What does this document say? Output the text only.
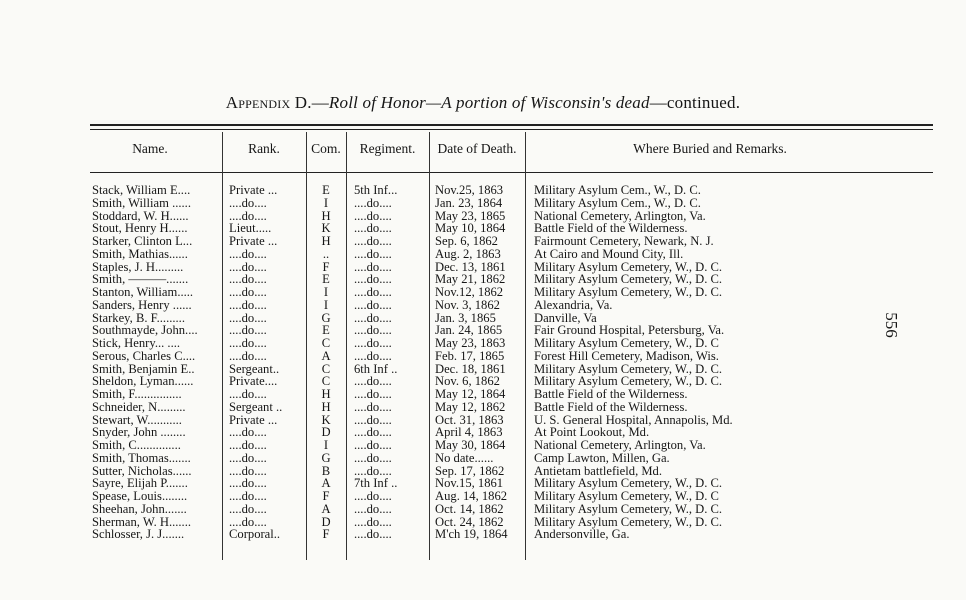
Appendix D.—Roll of Honor—A portion of Wisconsin's dead—continued.
Name.	Rank.	Com.	Regiment.	Date of Death.	Where Buried and Remarks.
Stack, William E....	Private ...	E	5th Inf...	Nov.25, 1863 Military Asylum Cem., W., D. C.
Smith, William ......	....do....	I	....do....	Jan. 23, 1864	Military Asylum Cem., W., D. C.
Stoddard, W. H......	....do....	H	....do....	May 23, 1865 National Cemetery, Arlington, Va.
Stout, Henry H......	Lieut.....	K	....do....	May 10, 1864 Battle Field of the Wilderness.
Starker, Clinton L...	Private ...	H	....do....	Sep. 6, 1862	Fairmount Cemetery, Newark, N. J.
Smith, Mathias......	....do....	..	....do....	Aug. 2, 1863	At Cairo and Mound City, Ill.
Staples, J. H.........	....do....	F	....do....	Dec. 13, 1861 Military Asylum Cemetery, W., D. C.
Smith, ———.......	....do....	E	....do....	May 21, 1862 Military Asylum Cemetery, W., D. C.
Stanton, William.....	....do....	I	....do....	Nov.12, 1862 Military Asylum Cemetery, W., D. C.
Sanders, Henry ......	....do....	I	....do....	Nov. 3, 1862	Alexandria, Va.
Starkey, B. F.........	....do....	G	....do....	Jan. 3, 1865	Danville, Va
Southmayde, John.... ....do....	E	....do....	Jan. 24, 1865	Fair Ground Hospital, Petersburg, Va.
Stick, Henry... ....	....do....	C	....do....	May 23, 1863 Military Asylum Cemetery, W., D. C
Serous, Charles C....	....do....	A	....do....	Feb. 17, 1865 Forest Hill Cemetery, Madison, Wis.
Smith, Benjamin E..	Sergeant..	C	6th Inf ..	Dec. 18, 1861 Military Asylum Cemetery, W., D. C.
Sheldon, Lyman......	Private....	C	....do....	Nov. 6, 1862	Military Asylum Cemetery, W., D. C.
Smith, F...............	....do....	H	....do....	May 12, 1864 Battle Field of the Wilderness.
Schneider, N.........	Sergeant ..	H	....do....	May 12, 1862 Battle Field of the Wilderness.
Stewart, W...........	Private ...	K	....do....	Oct. 31, 1863 U. S. General Hospital, Annapolis, Md.
Snyder, John ........	....do....	D	....do....	April 4, 1863 At Point Lookout, Md.
Smith, C..............	....do....	I	....do....	May 30, 1864 National Cemetery, Arlington, Va.
Smith, Thomas.......	....do....	G	....do....	No date......	Camp Lawton, Millen, Ga.
Sutter, Nicholas......	....do....	B	....do....	Sep. 17, 1862 Antietam battlefield, Md.
Sayre, Elijah P.......	....do....	A	7th Inf ..	Nov.15, 1861 Military Asylum Cemetery, W., D. C.
Spease, Louis........	....do....	F	....do....	Aug. 14, 1862 Military Asylum Cemetery, W., D. C
Sheehan, John.......	....do....	A	....do....	Oct. 14, 1862 Military Asylum Cemetery, W., D. C.
Sherman, W. H.......	....do....	D	....do....	Oct. 24, 1862 Military Asylum Cemetery, W., D. C.
Schlosser, J. J.......	Corporal..	F	....do....	M'ch 19, 1864 Andersonville, Ga.
556
